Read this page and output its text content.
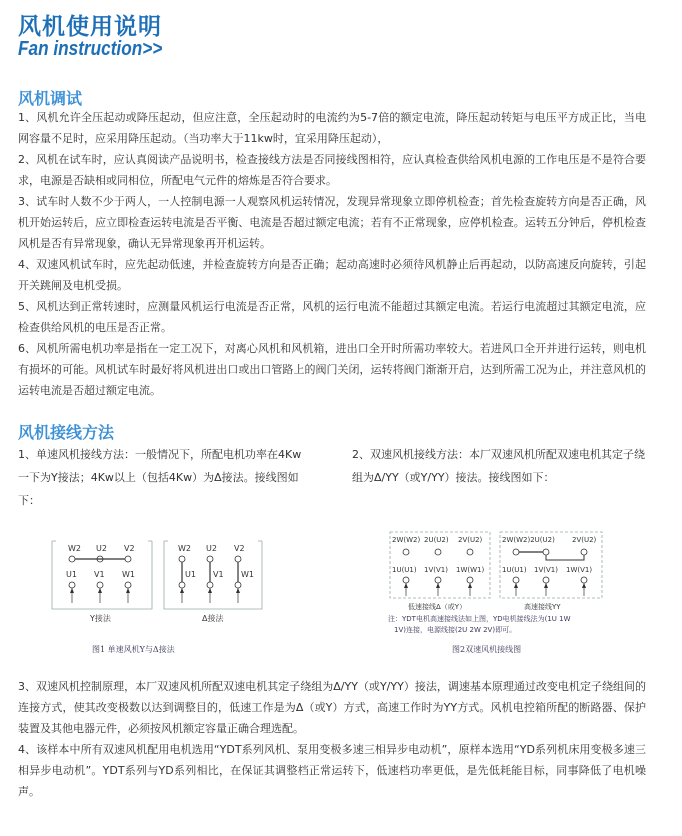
风机使用说明
Fan instruction>>
风机调试

1、风机允许全压起动或降压起动，但应注意，全压起动时的电流约为5-7倍的额定电流，降压起动转矩与电压平方成正比，当电网容量不足时，应采用降压起动。（当功率大于11kw时，宜采用降压起动），

2、风机在试车时，应认真阅读产品说明书，检查接线方法是否同接线图相符，应认真检查供给风机电源的工作电压是不是符合要求，电源是否缺相或同相位，所配电气元件的熔炼是否符合要求。

3、试车时人数不少于两人，一人控制电源一人观察风机运转情况，发现异常现象立即停机检查；首先检查旋转方向是否正确，风机开始运转后，应立即检查运转电流是否平衡、电流是否超过额定电流；若有不正常现象，应停机检查。运转五分钟后，停机检查风机是否有异常现象，确认无异常现象再开机运转。

4、双速风机试车时，应先起动低速，并检查旋转方向是否正确；起动高速时必须待风机静止后再起动，以防高速反向旋转，引起开关跳闸及电机受损。

5、风机达到正常转速时，应测量风机运行电流是否正常，风机的运行电流不能超过其额定电流。若运行电流超过其额定电流，应检查供给风机的电压是否正常。

6、风机所需电机功率是指在一定工况下，对离心风机和风机箱，进出口全开时所需功率较大。若进风口全开并进行运转，则电机有损坏的可能。风机试车时最好将风机进出口或出口管路上的阀门关闭，运转将阀门渐渐开启，达到所需工况为止，并注意风机的运转电流是否超过额定电流。

风机接线方法
1、单速风机接线方法：一般情况下，所配电机功率在4Kw一下为Y接法；4Kw以上（包括4Kw）为Δ接法。接线图如下：
2、双速风机接线方法：本厂双速风机所配双速电机其定子绕组为Δ/YY（或Y/YY）接法。接线图如下：
W2 U2 V2
U1 V1 W1
Y接法
W2 U2 V2
U1 V1 W1
Δ接法
图1 单速风机Y与Δ接法
2W(W2) 2U(U2) 2V(U2)
1U(U1) 1V(V1) 1W(W1)
2W(W2)2U(U2) 2V(U2)
1U(U1) 1V(V1) 1W(V1)
低速接线Δ（或Y）	高速接线YY
注：YDT电机高速接线法如上图，YD电机接线法为(1U 1W
1V)连接，电源线接(2U 2W 2V)即可。
图2双速风机接线图

3、双速风机控制原理，本厂双速风机所配双速电机其定子绕组为Δ/YY（或Y/YY）接法，调速基本原理通过改变电机定子绕组间的连接方式，使其改变极数以达到调整目的，低速工作是为Δ（或Y）方式，高速工作时为YY方式。风机电控箱所配的断路器、保护装置及其他电器元件，必须按风机额定容量正确合理选配。

4、该样本中所有双速风机配用电机选用“YDT系列风机、泵用变极多速三相异步电动机”，原样本选用“YD系列机床用变极多速三相异步电动机”。YDT系列与YD系列相比，在保证其调整档正常运转下，低速档功率更低，是先低耗能目标，同事降低了电机噪声。
